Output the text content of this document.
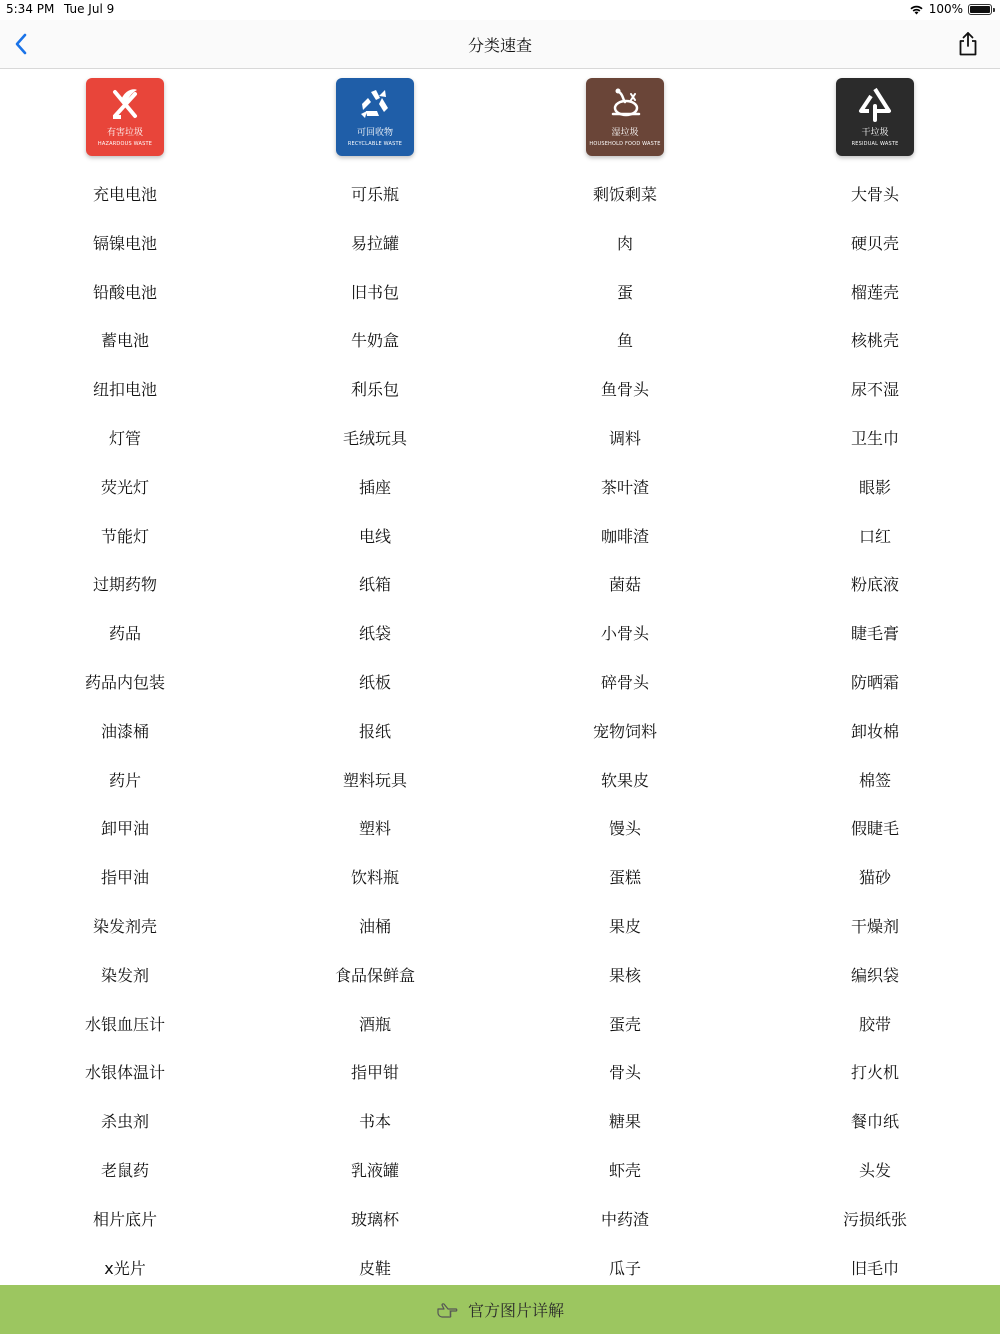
5:34 PM Tue Jul 9	100%
分类速查
有害垃圾
HAZARDOUS WASTE
可回收物
RECYCLABLE WASTE
湿垃圾
HOUSEHOLD FOOD WASTE
干垃圾
RESIDUAL WASTE
充电电池
镉镍电池
铅酸电池
蓄电池
纽扣电池
灯管
荧光灯
节能灯
过期药物
药品
药品内包装
油漆桶
药片
卸甲油
指甲油
染发剂壳
染发剂
水银血压计
水银体温计
杀虫剂
老鼠药
相片底片
x光片
可乐瓶
易拉罐
旧书包
牛奶盒
利乐包
毛绒玩具
插座
电线
纸箱
纸袋
纸板
报纸
塑料玩具
塑料
饮料瓶
油桶
食品保鲜盒
酒瓶
指甲钳
书本
乳液罐
玻璃杯
皮鞋
剩饭剩菜
肉
蛋
鱼
鱼骨头
调料
茶叶渣
咖啡渣
菌菇
小骨头
碎骨头
宠物饲料
软果皮
馒头
蛋糕
果皮
果核
蛋壳
骨头
糖果
虾壳
中药渣
瓜子
大骨头
硬贝壳
榴莲壳
核桃壳
尿不湿
卫生巾
眼影
口红
粉底液
睫毛膏
防晒霜
卸妆棉
棉签
假睫毛
猫砂
干燥剂
编织袋
胶带
打火机
餐巾纸
头发
污损纸张
旧毛巾
官方图片详解
